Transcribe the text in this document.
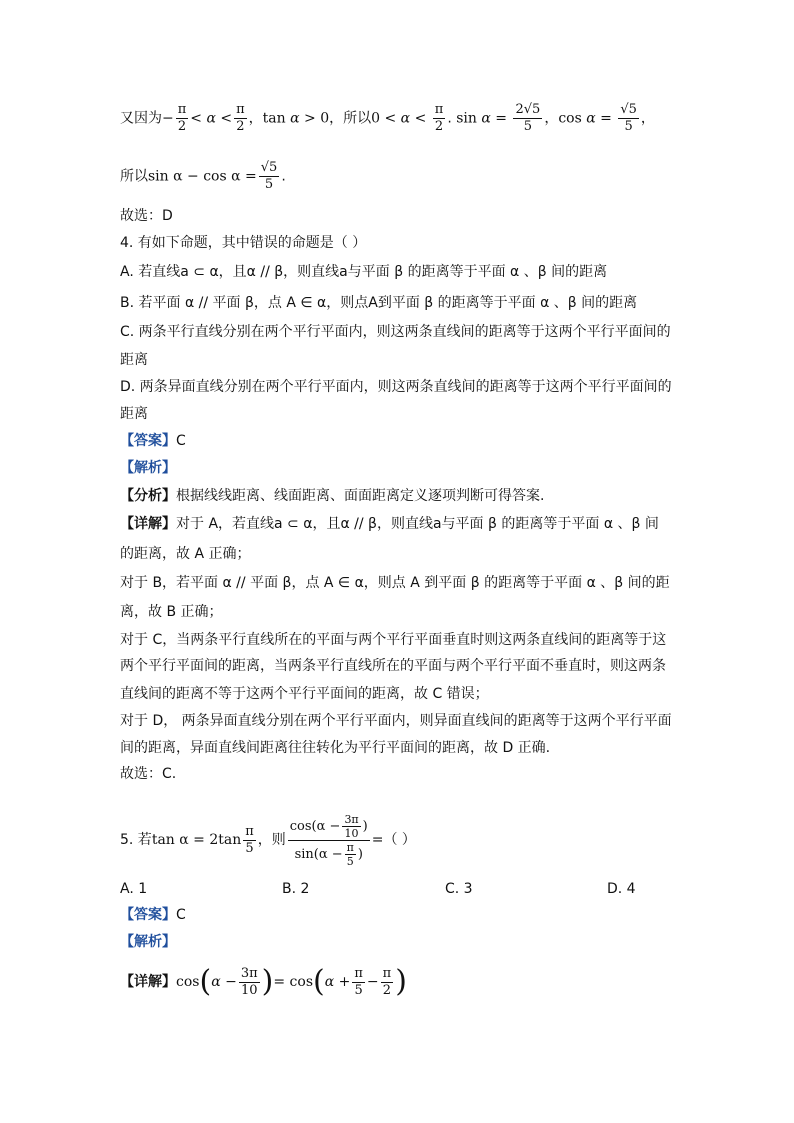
又因为− $\frac{\pi}{2} < \alpha < \frac{\pi}{2}$ ，tan α > 0，所以$0 < \alpha < \frac{\pi}{2}$ . $\sin \alpha = \frac{2√5}{5}$ ，$\cos \alpha = \frac{√5}{5}$ ，
所以$\sin \alpha - \cos \alpha = \frac{√5}{5}$ .
故选：D
4. 有如下命题，其中错误的命题是（ ）
A. 若直线a ⊂ α，且α // β，则直线a与平面 β 的距离等于平面 α 、β 间的距离
B. 若平面 α // 平面 β，点 A ∈ α，则点A到平面 β 的距离等于平面 α 、β 间的距离
C. 两条平行直线分别在两个平行平面内，则这两条直线间的距离等于这两个平行平面间的
距离
D. 两条异面直线分别在两个平行平面内，则这两条直线间的距离等于这两个平行平面间的
距离
【答案】C
【解析】
【分析】根据线线距离、线面距离、面面距离定义逐项判断可得答案.
【详解】对于 A，若直线a ⊂ α，且α // β，则直线a与平面 β 的距离等于平面 α 、β 间
的距离，故 A 正确；
对于 B，若平面 α // 平面 β，点 A ∈ α，则点 A 到平面 β 的距离等于平面 α 、β 间的距
离，故 B 正确；
对于 C，当两条平行直线所在的平面与两个平行平面垂直时则这两条直线间的距离等于这
两个平行平面间的距离，当两条平行直线所在的平面与两个平行平面不垂直时，则这两条
直线间的距离不等于这两个平行平面间的距离，故 C 错误；
对于 D， 两条异面直线分别在两个平行平面内，则异面直线间的距离等于这两个平行平面
间的距离，异面直线间距离往往转化为平行平面间的距离，故 D 正确.
故选：C.
5. 若$\tan \alpha = 2\tan \frac{\pi}{5}$ ，则 $\frac{\cos(\alpha - \frac{3\pi}{10} )}{\sin(\alpha - \frac{\pi}{5} )}$ =（ ）
A. 1	B. 2	C. 3	D. 4
【答案】C
【解析】
【详解】$\cos(\alpha - \frac{3\pi}{10}$ )= $\cos(\alpha + \frac{\pi}{5} - \frac{\pi}{2}$ )
